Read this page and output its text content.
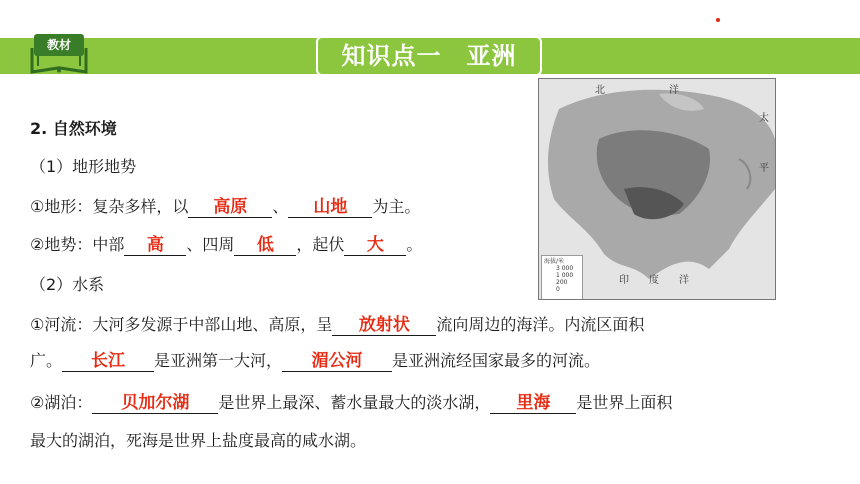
教材	知识点一　亚洲
北	洋
太
平
印 度 洋
海拔/米
3 000
1 000
200
0
2. 自然环境
（1）地形地势
①地形：复杂多样，以 高原 、 山地 为主。
②地势：中部 高 、四周 低 ，起伏 大 。
（2）水系
①河流：大河多发源于中部山地、高原，呈 放射状 流向周边的海洋。内流区面积
广。 长江 是亚洲第一大河， 湄公河 是亚洲流经国家最多的河流。
②湖泊： 贝加尔湖 是世界上最深、蓄水量最大的淡水湖， 里海 是世界上面积
最大的湖泊，死海是世界上盐度最高的咸水湖。
